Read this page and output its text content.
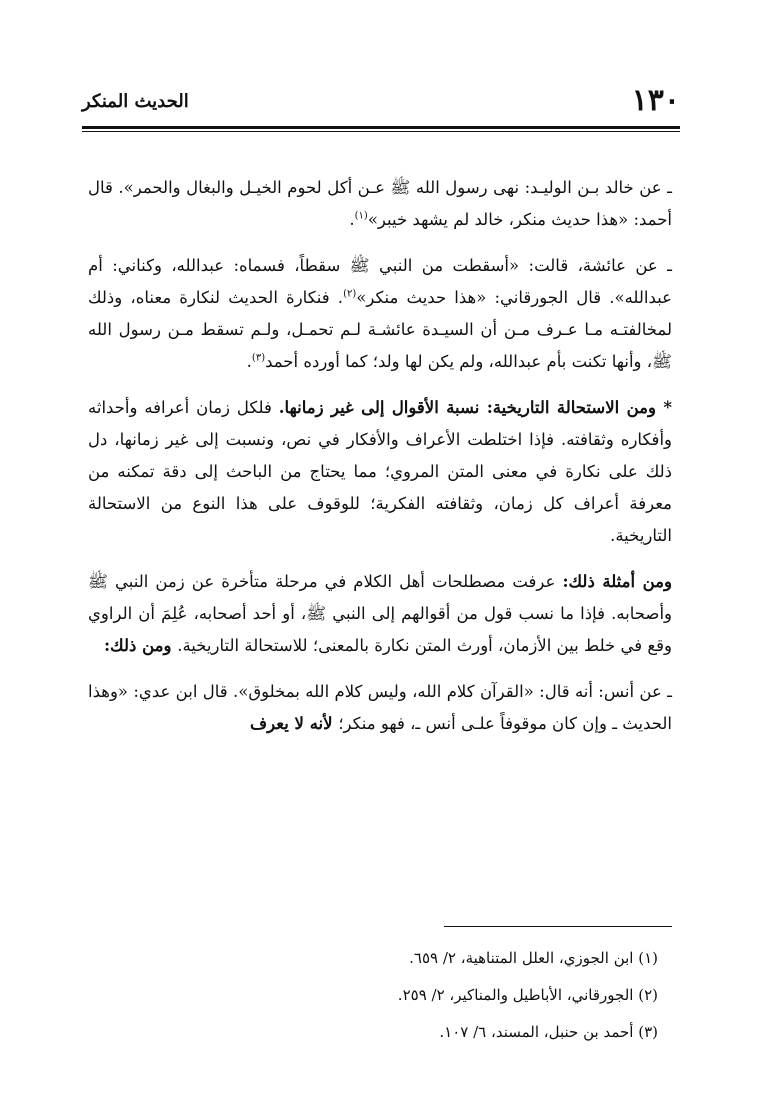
١٣٠
الحديث المنكر

ـ عن خالد بـن الوليـد: نهى رسول الله ﷺ عـن أكل لحوم الخيـل والبغال والحمر». قال أحمد: «هذا حديث منكر، خالد لم يشهد خيبر»$^{(١)}$.

ـ عن عائشة، قالت: «أسقطت من النبي ﷺ سقطاً، فسماه: عبدالله، وكناني: أم عبدالله». قال الجورقاني: «هذا حديث منكر»$^{(٢)}$. فنكارة الحديث لنكارة معناه، وذلك لمخالفتـه مـا عـرف مـن أن السيـدة عائشـة لـم تحمـل، ولـم تسقط مـن رسول الله ﷺ، وأنها تكنت بأم عبدالله، ولم يكن لها ولد؛ كما أورده أحمد$^{(٣)}$.

* ومن الاستحالة التاريخية: نسبة الأقوال إلى غير زمانها. فلكل زمان أعرافه وأحداثه وأفكاره وثقافته. فإذا اختلطت الأعراف والأفكار في نص، ونسبت إلى غير زمانها، دل ذلك على نكارة في معنى المتن المروي؛ مما يحتاج من الباحث إلى دقة تمكنه من معرفة أعراف كل زمان، وثقافته الفكرية؛ للوقوف على هذا النوع من الاستحالة التاريخية.

ومن أمثلة ذلك: عرفت مصطلحات أهل الكلام في مرحلة متأخرة عن زمن النبي ﷺ وأصحابه. فإذا ما نسب قول من أقوالهم إلى النبي ﷺ، أو أحد أصحابه، عُلِمَ أن الراوي وقع في خلط بين الأزمان، أورث المتن نكارة بالمعنى؛ للاستحالة التاريخية. ومن ذلك:

ـ عن أنس: أنه قال: «القرآن كلام الله، وليس كلام الله بمخلوق». قال ابن عدي: «وهذا الحديث ـ وإن كان موقوفاً علـى أنس ـ، فهو منكر؛ لأنه لا يعرف

(١) ابن الجوزي، العلل المتناهية، ٢/ ٦٥٩.
(٢) الجورقاني، الأباطيل والمناكير، ٢/ ٢٥٩.
(٣) أحمد بن حنبل، المسند، ٦/ ١٠٧.
